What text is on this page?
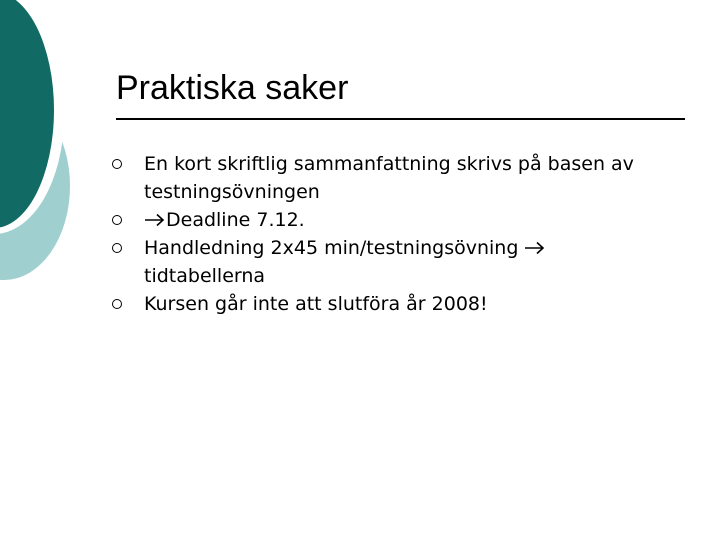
Praktiska saker
En kort skriftlig sammanfattning skrivs på basen av testningsövningen
Deadline 7.12.
Handledning 2x45 min/testningsövning
tidtabellerna
Kursen går inte att slutföra år 2008!
